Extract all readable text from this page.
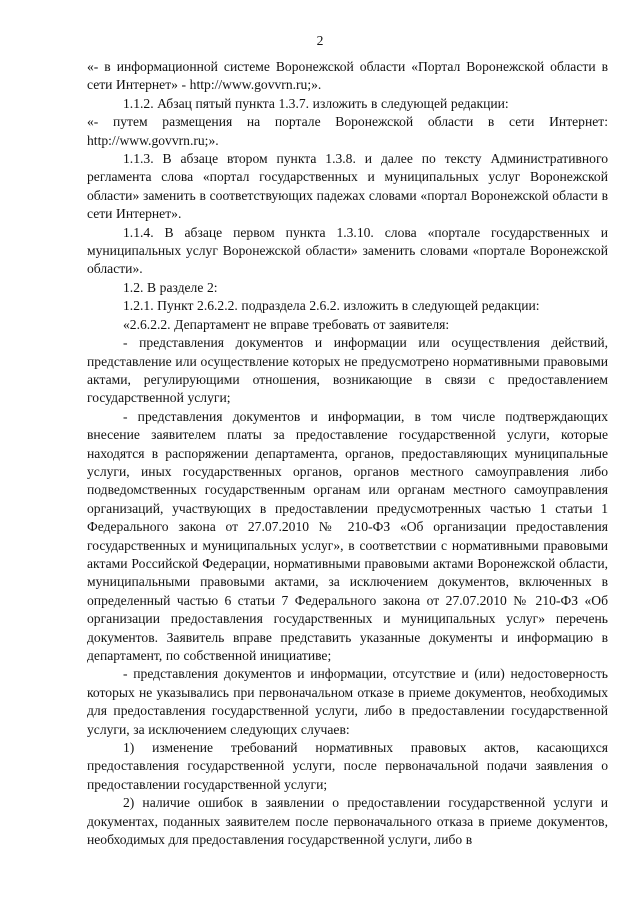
2

«- в информационной системе Воронежской области «Портал Воронежской области в сети Интернет» - http://www.govvrn.ru;».

1.1.2. Абзац пятый пункта 1.3.7. изложить в следующей редакции:

«- путем размещения на портале Воронежской области в сети Интернет: http://www.govvrn.ru;».

1.1.3. В абзаце втором пункта 1.3.8. и далее по тексту Административного регламента слова «портал государственных и муниципальных услуг Воронежской области» заменить в соответствующих падежах словами «портал Воронежской области в сети Интернет».

1.1.4. В абзаце первом пункта 1.3.10. слова «портале государственных и муниципальных услуг Воронежской области» заменить словами «портале Воронежской области».

1.2. В разделе 2:

1.2.1. Пункт 2.6.2.2. подраздела 2.6.2. изложить в следующей редакции:

«2.6.2.2. Департамент не вправе требовать от заявителя:

- представления документов и информации или осуществления действий, представление или осуществление которых не предусмотрено нормативными правовыми актами, регулирующими отношения, возникающие в связи с предоставлением государственной услуги;

- представления документов и информации, в том числе подтверждающих внесение заявителем платы за предоставление государственной услуги, которые находятся в распоряжении департамента, органов, предоставляющих муниципальные услуги, иных государственных органов, органов местного самоуправления либо подведомственных государственным органам или органам местного самоуправления организаций, участвующих в предоставлении предусмотренных частью 1 статьи 1 Федерального закона от 27.07.2010 № 210-ФЗ «Об организации предоставления государственных и муниципальных услуг», в соответствии с нормативными правовыми актами Российской Федерации, нормативными правовыми актами Воронежской области, муниципальными правовыми актами, за исключением документов, включенных в определенный частью 6 статьи 7 Федерального закона от 27.07.2010 № 210-ФЗ «Об организации предоставления государственных и муниципальных услуг» перечень документов. Заявитель вправе представить указанные документы и информацию в департамент, по собственной инициативе;

- представления документов и информации, отсутствие и (или) недостоверность которых не указывались при первоначальном отказе в приеме документов, необходимых для предоставления государственной услуги, либо в предоставлении государственной услуги, за исключением следующих случаев:

1) изменение требований нормативных правовых актов, касающихся предоставления государственной услуги, после первоначальной подачи заявления о предоставлении государственной услуги;

2) наличие ошибок в заявлении о предоставлении государственной услуги и документах, поданных заявителем после первоначального отказа в приеме документов, необходимых для предоставления государственной услуги, либо в
